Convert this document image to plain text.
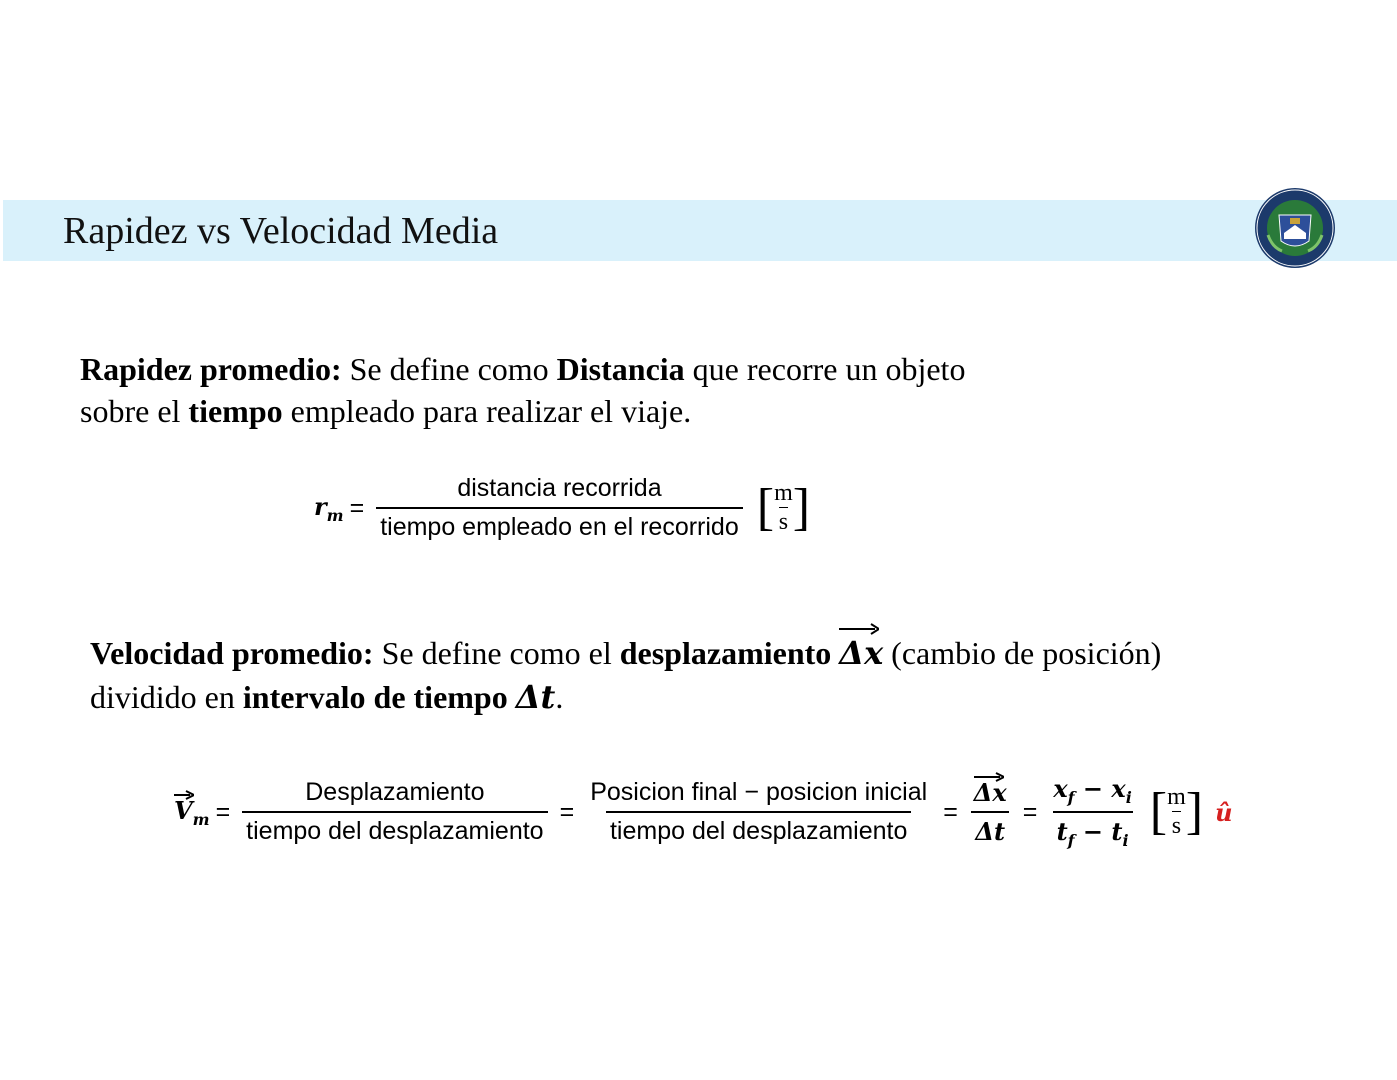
Rapidez vs Velocidad Media
Rapidez promedio: Se define como Distancia que recorre un objeto
sobre el tiempo empleado para realizar el viaje.
$r_m = \frac{\text{distancia recorrida}}{\text{tiempo empleado en el recorrido}}$ [ $\frac{m}{s}$ ]
Velocidad promedio: Se define como el desplazamiento Δx (cambio de posición)
dividido en intervalo de tiempo Δt.
$V_m = \frac{\text{Desplazamiento}}{\text{tiempo del desplazamiento}} = \frac{\text{Posicion final − posicion inicial}}{\text{tiempo del desplazamiento}} = \frac{\Delta x}{\Delta t} = \frac{x_f - x_i}{t_f - t_i}$ [ $\frac{m}{s}$ ] û
